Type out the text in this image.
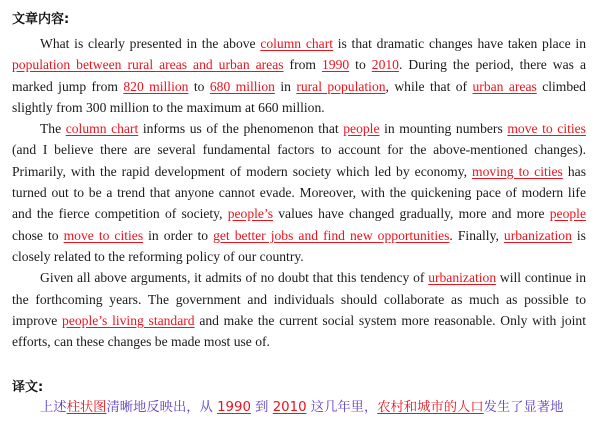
文章内容:

What is clearly presented in the above column chart is that dramatic changes have taken place in population between rural areas and urban areas from 1990 to 2010. During the period, there was a marked jump from 820 million to 680 million in rural population, while that of urban areas climbed slightly from 300 million to the maximum at 660 million.

The column chart informs us of the phenomenon that people in mounting numbers move to cities (and I believe there are several fundamental factors to account for the above-mentioned changes). Primarily, with the rapid development of modern society which led by economy, moving to cities has turned out to be a trend that anyone cannot evade. Moreover, with the quickening pace of modern life and the fierce competition of society, people’s values have changed gradually, more and more people chose to move to cities in order to get better jobs and find new opportunities. Finally, urbanization is closely related to the reforming policy of our country.

Given all above arguments, it admits of no doubt that this tendency of urbanization will continue in the forthcoming years. The government and individuals should collaborate as much as possible to improve people’s living standard and make the current social system more reasonable. Only with joint efforts, can these changes be made most use of.

译文:
上述柱状图清晰地反映出，从 1990 到 2010 这几年里，农村和城市的人口发生了显著地
